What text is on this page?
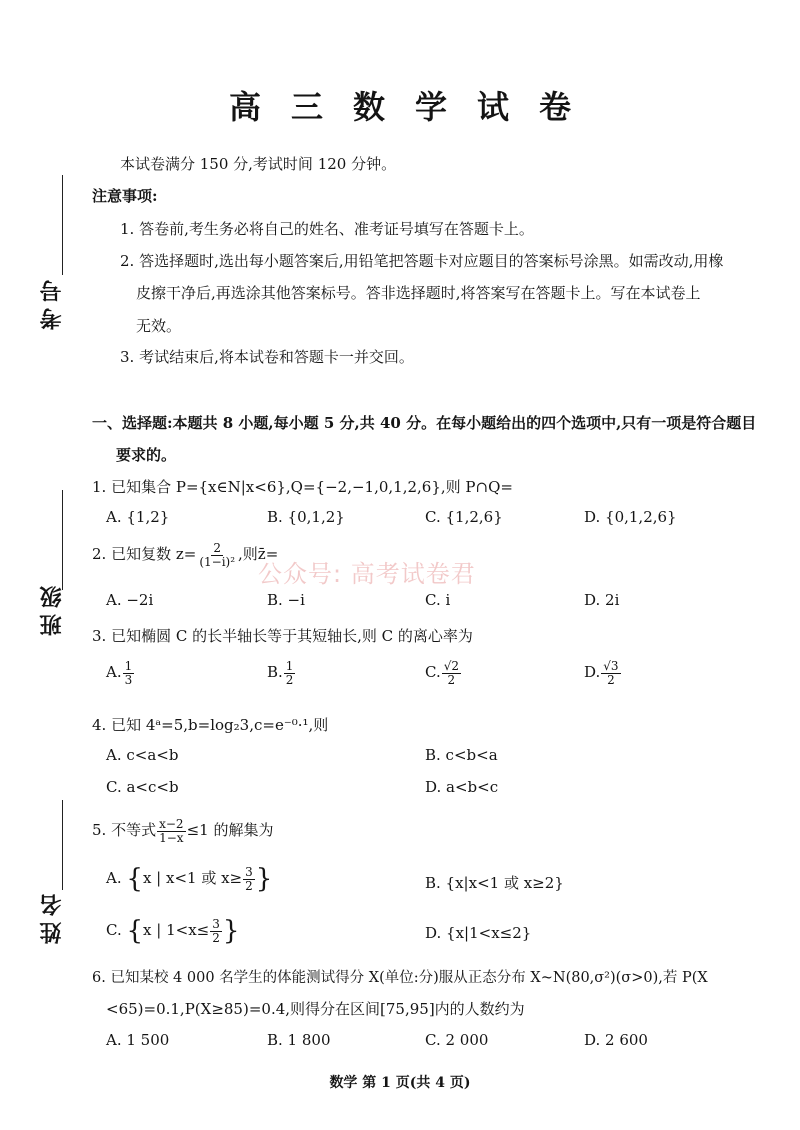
高三数学试卷
考号
班级
姓名
本试卷满分 150 分,考试时间 120 分钟。
注意事项:
1. 答卷前,考生务必将自己的姓名、准考证号填写在答题卡上。
2. 答选择题时,选出每小题答案后,用铅笔把答题卡对应题目的答案标号涂黑。如需改动,用橡
皮擦干净后,再选涂其他答案标号。答非选择题时,将答案写在答题卡上。写在本试卷上
无效。
3. 考试结束后,将本试卷和答题卡一并交回。
一、选择题:本题共 8 小题,每小题 5 分,共 40 分。在每小题给出的四个选项中,只有一项是符合题目
要求的。
1. 已知集合 P={x∈N|x<6},Q={−2,−1,0,1,2,6},则 P∩Q=
A. {1,2}	B. {0,1,2}	C. {1,2,6}	D. {0,1,2,6}
2. 已知复数 $z= \frac{2}{\text{(1−i)²}}$ ,则z̄=
A. −2i	B. −i	C. i	D. 2i
公众号: 高考试卷君
3. 已知椭圆 C 的长半轴长等于其短轴长,则 C 的离心率为
A. $\frac{1}{3}$	B. $\frac{1}{2}$	C. $\frac{√2}{2}$	D. $\frac{√3}{2}$
4. 已知 4ᵃ=5,b=log₂3,c=e⁻⁰·¹,则
A. c<a<b	B. c<b<a
C. a<c<b	D. a<b<c
5. 不等式 $\frac{x-2}{1-x} \le 1$ 的解集为
A. {x | x<1 或 $x\ge \frac{3}{2}$ }	B. {x|x<1 或 x≥2}
C. {x | $1<x\le \frac{3}{2}$ }	D. {x|1<x≤2}
6. 已知某校 4 000 名学生的体能测试得分 X(单位:分)服从正态分布 X~N(80,σ²)(σ>0),若 P(X
<65)=0.1,P(X≥85)=0.4,则得分在区间[75,95]内的人数约为
A. 1 500	B. 1 800	C. 2 000	D. 2 600
数学 第 1 页(共 4 页)
